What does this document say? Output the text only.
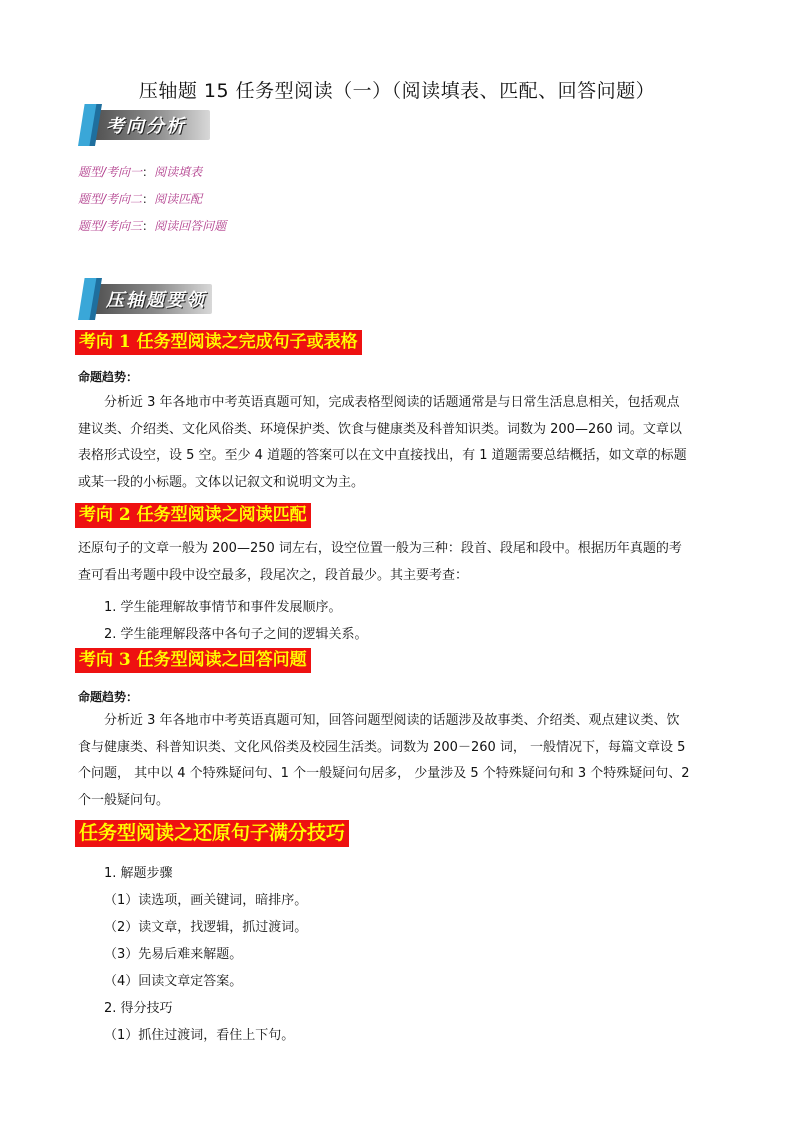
压轴题 15 任务型阅读（一）（阅读填表、匹配、回答问题）
考向分析
题型/考向一：阅读填表
题型/考向二：阅读匹配
题型/考向三：阅读回答问题
压轴题要领
考向 1 任务型阅读之完成句子或表格
命题趋势：
　　分析近 3 年各地市中考英语真题可知，完成表格型阅读的话题通常是与日常生活息息相关，包括观点
建议类、介绍类、文化风俗类、环境保护类、饮食与健康类及科普知识类。词数为 200—260 词。文章以
表格形式设空，设 5 空。至少 4 道题的答案可以在文中直接找出，有 1 道题需要总结概括，如文章的标题
或某一段的小标题。文体以记叙文和说明文为主。
考向 2 任务型阅读之阅读匹配
还原句子的文章一般为 200—250 词左右，设空位置一般为三种：段首、段尾和段中。根据历年真题的考
查可看出考题中段中设空最多，段尾次之，段首最少。其主要考查：
1. 学生能理解故事情节和事件发展顺序。
2. 学生能理解段落中各句子之间的逻辑关系。
考向 3 任务型阅读之回答问题
命题趋势：
　　分析近 3 年各地市中考英语真题可知，回答问题型阅读的话题涉及故事类、介绍类、观点建议类、饮
食与健康类、科普知识类、文化风俗类及校园生活类。词数为 200－260 词， 一般情况下，每篇文章设 5
个问题， 其中以 4 个特殊疑问句、1 个一般疑问句居多， 少量涉及 5 个特殊疑问句和 3 个特殊疑问句、2
个一般疑问句。
任务型阅读之还原句子满分技巧
1. 解题步骤
（1）读选项，画关键词，暗排序。
（2）读文章，找逻辑，抓过渡词。
（3）先易后难来解题。
（4）回读文章定答案。
2. 得分技巧
（1）抓住过渡词，看住上下句。
